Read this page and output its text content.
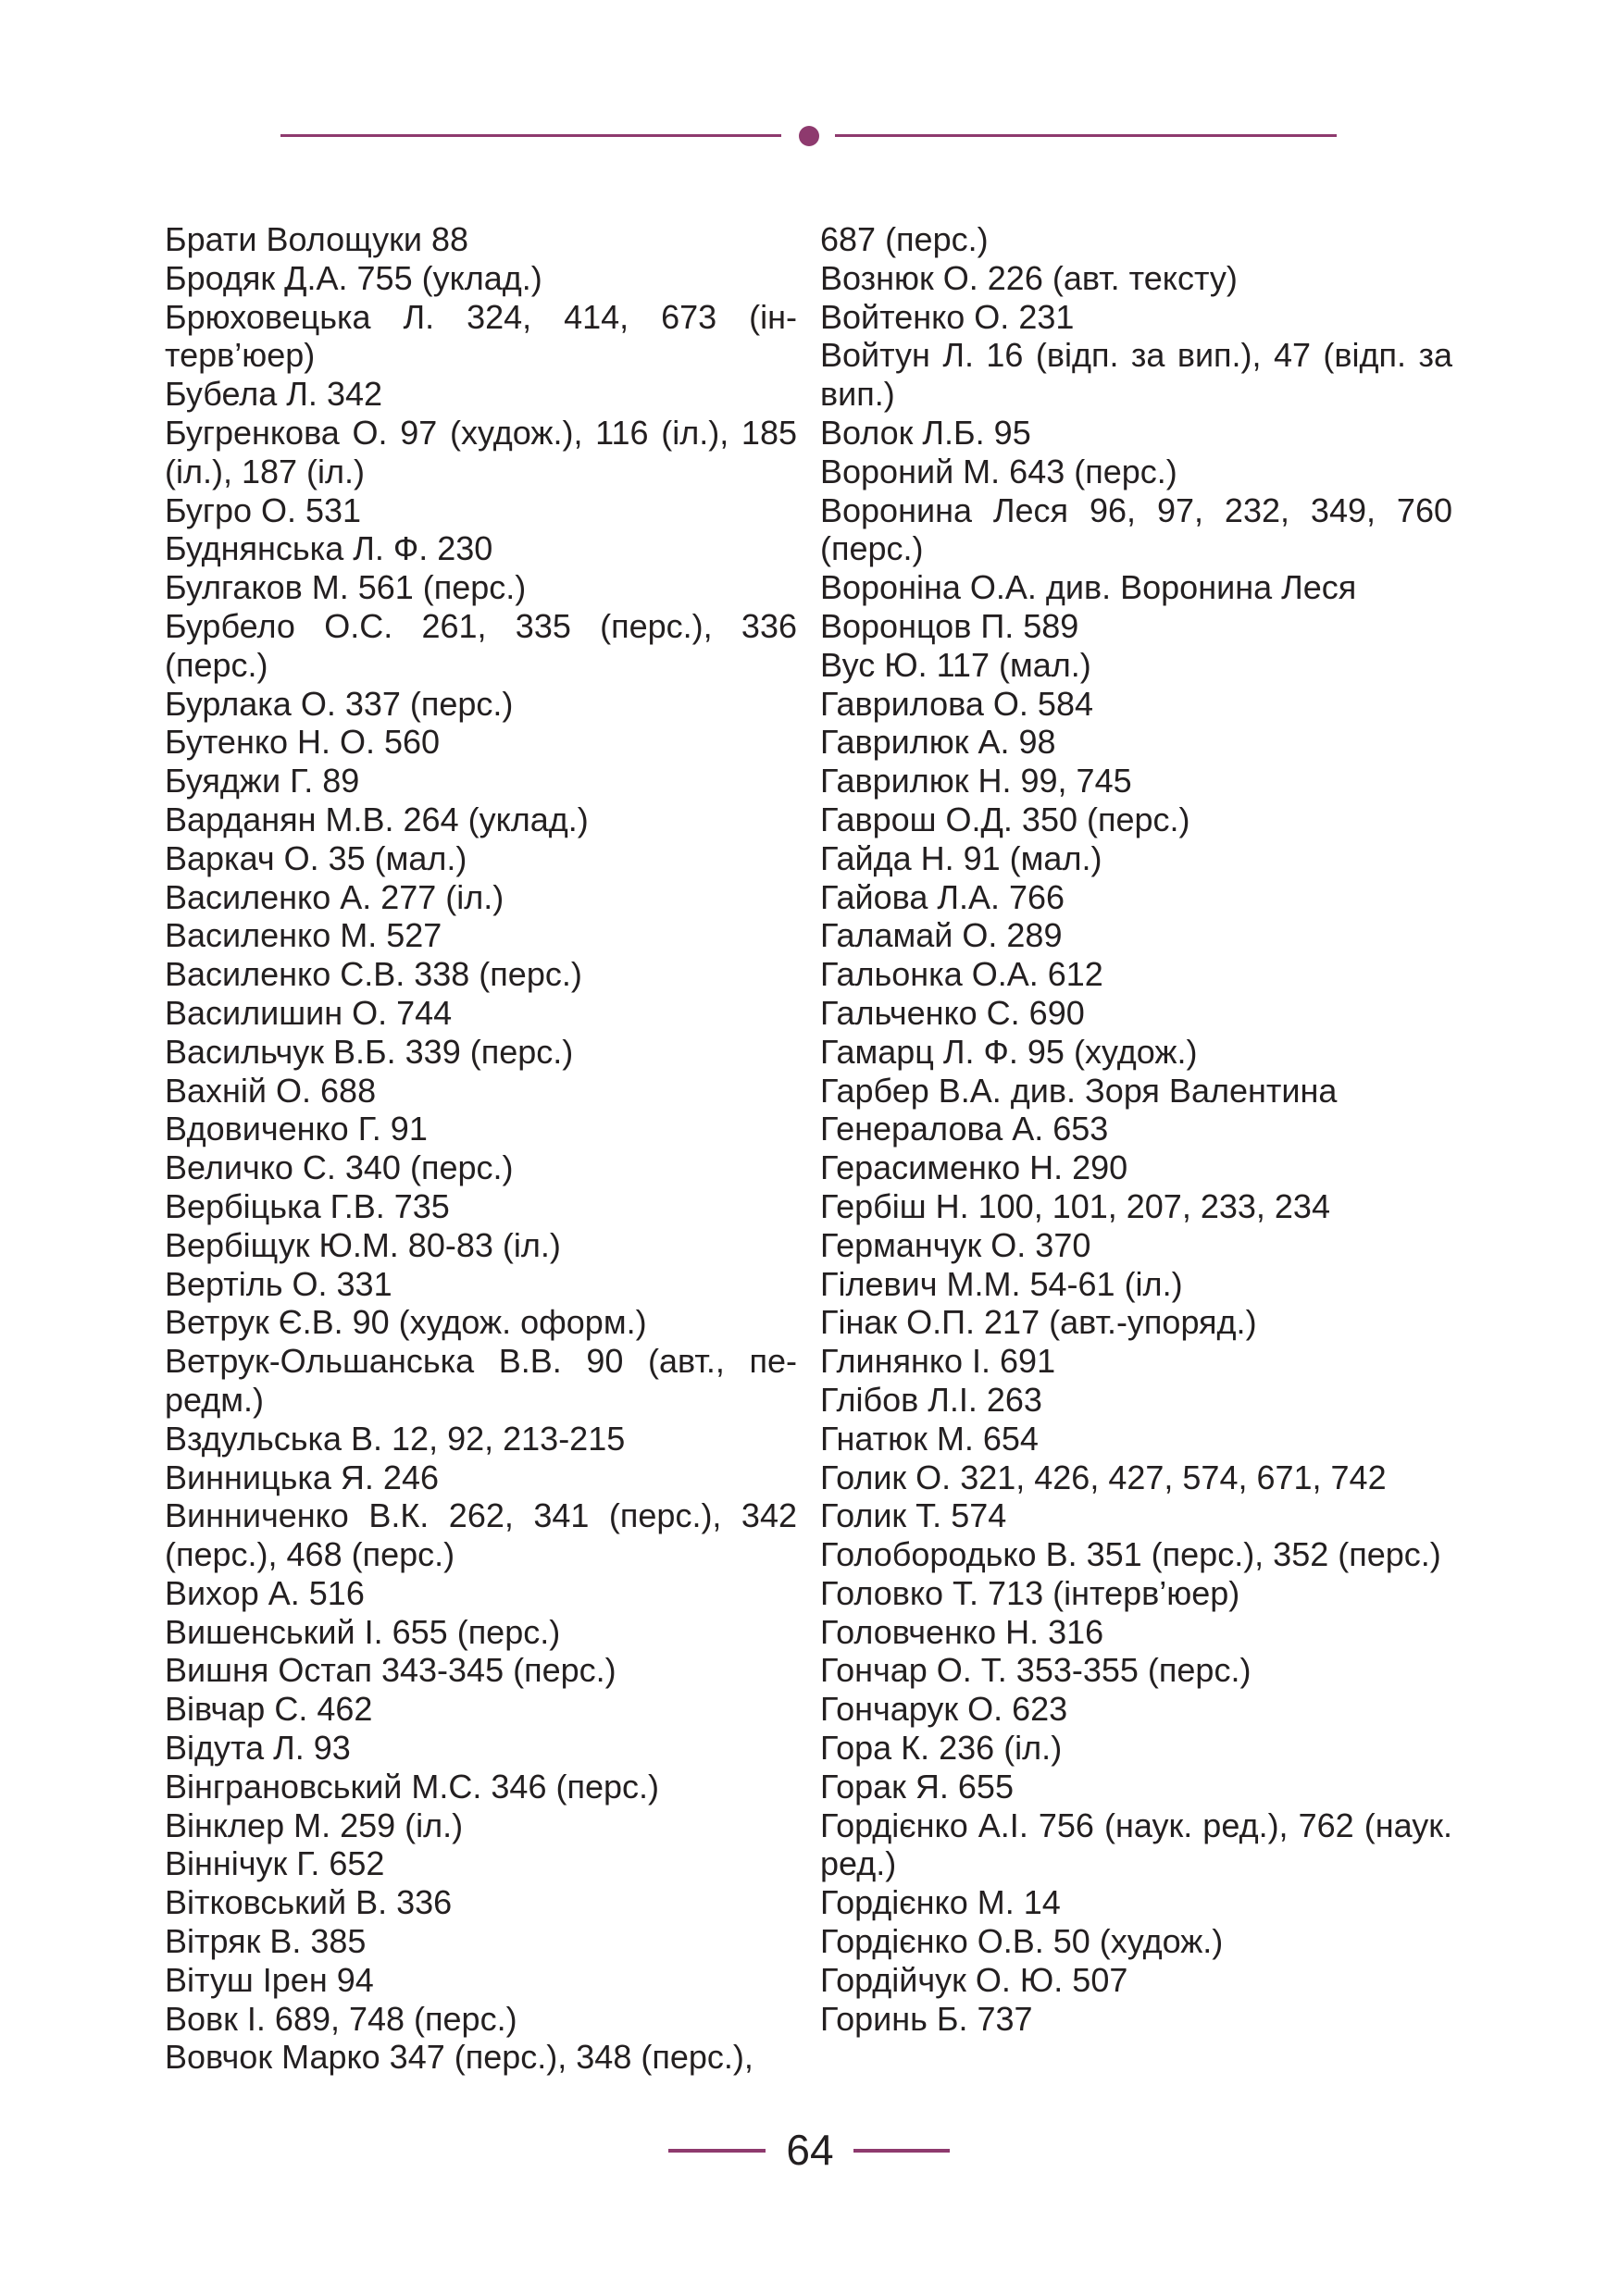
Брати Волощуки 88

Бродяк Д.А. 755 (уклад.)

Брюховецька Л. 324, 414, 673 (ін-терв’юер)

Бубела Л. 342

Бугренкова О. 97 (худож.), 116 (іл.), 185 (іл.), 187 (іл.)

Бугро О. 531

Буднянська Л. Ф. 230

Булгаков М. 561 (перс.)

Бурбело О.С. 261, 335 (перс.), 336 (перс.)

Бурлака О. 337 (перс.)

Бутенко Н. О. 560

Буяджи Г. 89

Варданян М.В. 264 (уклад.)

Варкач О. 35 (мал.)

Василенко А. 277 (іл.)

Василенко М. 527

Василенко С.В. 338 (перс.)

Василишин О. 744

Васильчук В.Б. 339 (перс.)

Вахній О. 688

Вдовиченко Г. 91

Величко С. 340 (перс.)

Вербіцька Г.В. 735

Вербіщук Ю.М. 80-83 (іл.)

Вертіль О. 331

Ветрук Є.В. 90 (худож. оформ.)

Ветрук-Ольшанська В.В. 90 (авт., пе-редм.)

Вздульська В. 12, 92, 213-215

Винницька Я. 246

Винниченко В.К. 262, 341 (перс.), 342 (перс.), 468 (перс.)

Вихор А. 516

Вишенський І. 655 (перс.)

Вишня Остап 343-345 (перс.)

Вівчар С. 462

Відута Л. 93

Вінграновський М.С. 346 (перс.)

Вінклер М. 259 (іл.)

Віннічук Г. 652

Вітковський В. 336

Вітряк В. 385

Вітуш Ірен 94

Вовк І. 689, 748 (перс.)

Вовчок Марко 347 (перс.), 348 (перс.),

687 (перс.)

Вознюк О. 226 (авт. тексту)

Войтенко О. 231

Войтун Л. 16 (відп. за вип.), 47 (відп. за вип.)

Волок Л.Б. 95

Вороний М. 643 (перс.)

Воронина Леся 96, 97, 232, 349, 760 (перс.)

Вороніна О.А. див. Воронина Леся

Воронцов П. 589

Вус Ю. 117 (мал.)

Гаврилова О. 584

Гаврилюк А. 98

Гаврилюк Н. 99, 745

Гаврош О.Д. 350 (перс.)

Гайда Н. 91 (мал.)

Гайова Л.А. 766

Галамай О. 289

Гальонка О.А. 612

Гальченко С. 690

Гамарц Л. Ф. 95 (худож.)

Гарбер В.А. див. Зоря Валентина

Генералова А. 653

Герасименко Н. 290

Гербіш Н. 100, 101, 207, 233, 234

Германчук О. 370

Гілевич М.М. 54-61 (іл.)

Гінак О.П. 217 (авт.-упоряд.)

Глинянко І. 691

Глібов Л.І. 263

Гнатюк М. 654

Голик О. 321, 426, 427, 574, 671, 742

Голик Т. 574

Голобородько В. 351 (перс.), 352 (перс.)

Головко Т. 713 (інтерв’юер)

Головченко Н. 316

Гончар О. Т. 353-355 (перс.)

Гончарук О. 623

Гора К. 236 (іл.)

Горак Я. 655

Гордієнко А.І. 756 (наук. ред.), 762 (наук. ред.)

Гордієнко М. 14

Гордієнко О.В. 50 (худож.)

Гордійчук О. Ю. 507

Горинь Б. 737

64
